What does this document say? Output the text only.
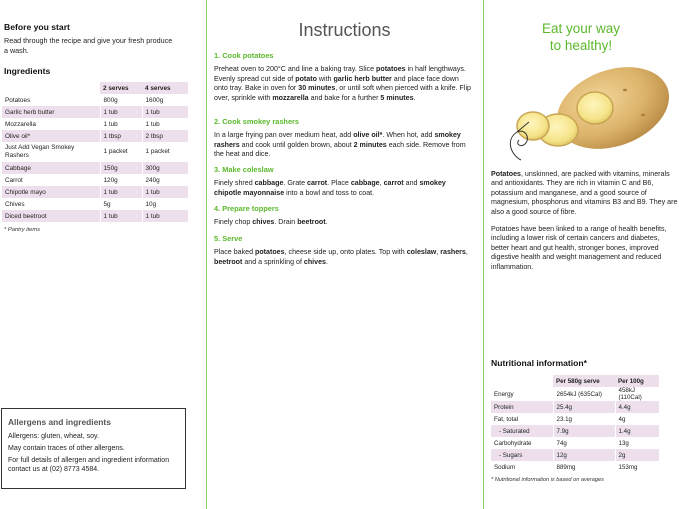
Before you start
Read through the recipe and give your fresh produce a wash.
Ingredients
	2 serves	4 serves
Potatoes	800g	1600g
Garlic herb butter	1 tub	1 tub
Mozzarella	1 tub	1 tub
Olive oil*	1 tbsp	2 tbsp
Just Add Vegan Smokey Rashers	1 packet	1 packet
Cabbage	150g	300g
Carrot	120g	240g
Chipotle mayo	1 tub	1 tub
Chives	5g	10g
Diced beetroot	1 tub	1 tub
* Pantry items
Allergens and ingredients
Allergens: gluten, wheat, soy.
May contain traces of other allergens.
For full details of allergen and ingredient information contact us at (02) 8773 4584.
Instructions
1. Cook potatoes
Preheat oven to 200°C and line a baking tray. Slice potatoes in half lengthways. Evenly spread cut side of potato with garlic herb butter and place face down onto tray. Bake in oven for 30 minutes, or until soft when pierced with a knife. Flip over, sprinkle with mozzarella and bake for a further 5 minutes.
2. Cook smokey rashers
In a large frying pan over medium heat, add olive oil*. When hot, add smokey rashers and cook until golden brown, about 2 minutes each side. Remove from the heat and dice.
3. Make coleslaw
Finely shred cabbage. Grate carrot. Place cabbage, carrot and smokey chipotle mayonnaise into a bowl and toss to coat.
4. Prepare toppers
Finely chop chives. Drain beetroot.
5. Serve
Place baked potatoes, cheese side up, onto plates. Top with coleslaw, rashers, beetroot and a sprinkling of chives.
Eat your way
to healthy!
Potatoes, unskinned, are packed with vitamins, minerals and antioxidants. They are rich in vitamin C and B6, potassium and manganese, and a good source of magnesium, phosphorus and vitamins B3 and B9. They are also a good source of fibre.
Potatoes have been linked to a range of health benefits, including a lower risk of certain cancers and diabetes, better heart and gut health, stronger bones, improved digestive health and weight management and reduced inflammation.
Nutritional information*
	Per 580g serve	Per 100g
Energy	2654kJ (635Cal)	458kJ (110Cal)
Protein	25.4g	4.4g
Fat, total	23.1g	4g
- Saturated	7.9g	1.4g
Carbohydrate	74g	13g
- Sugars	12g	2g
Sodium	889mg	153mg
* Nutritional information is based on averages
